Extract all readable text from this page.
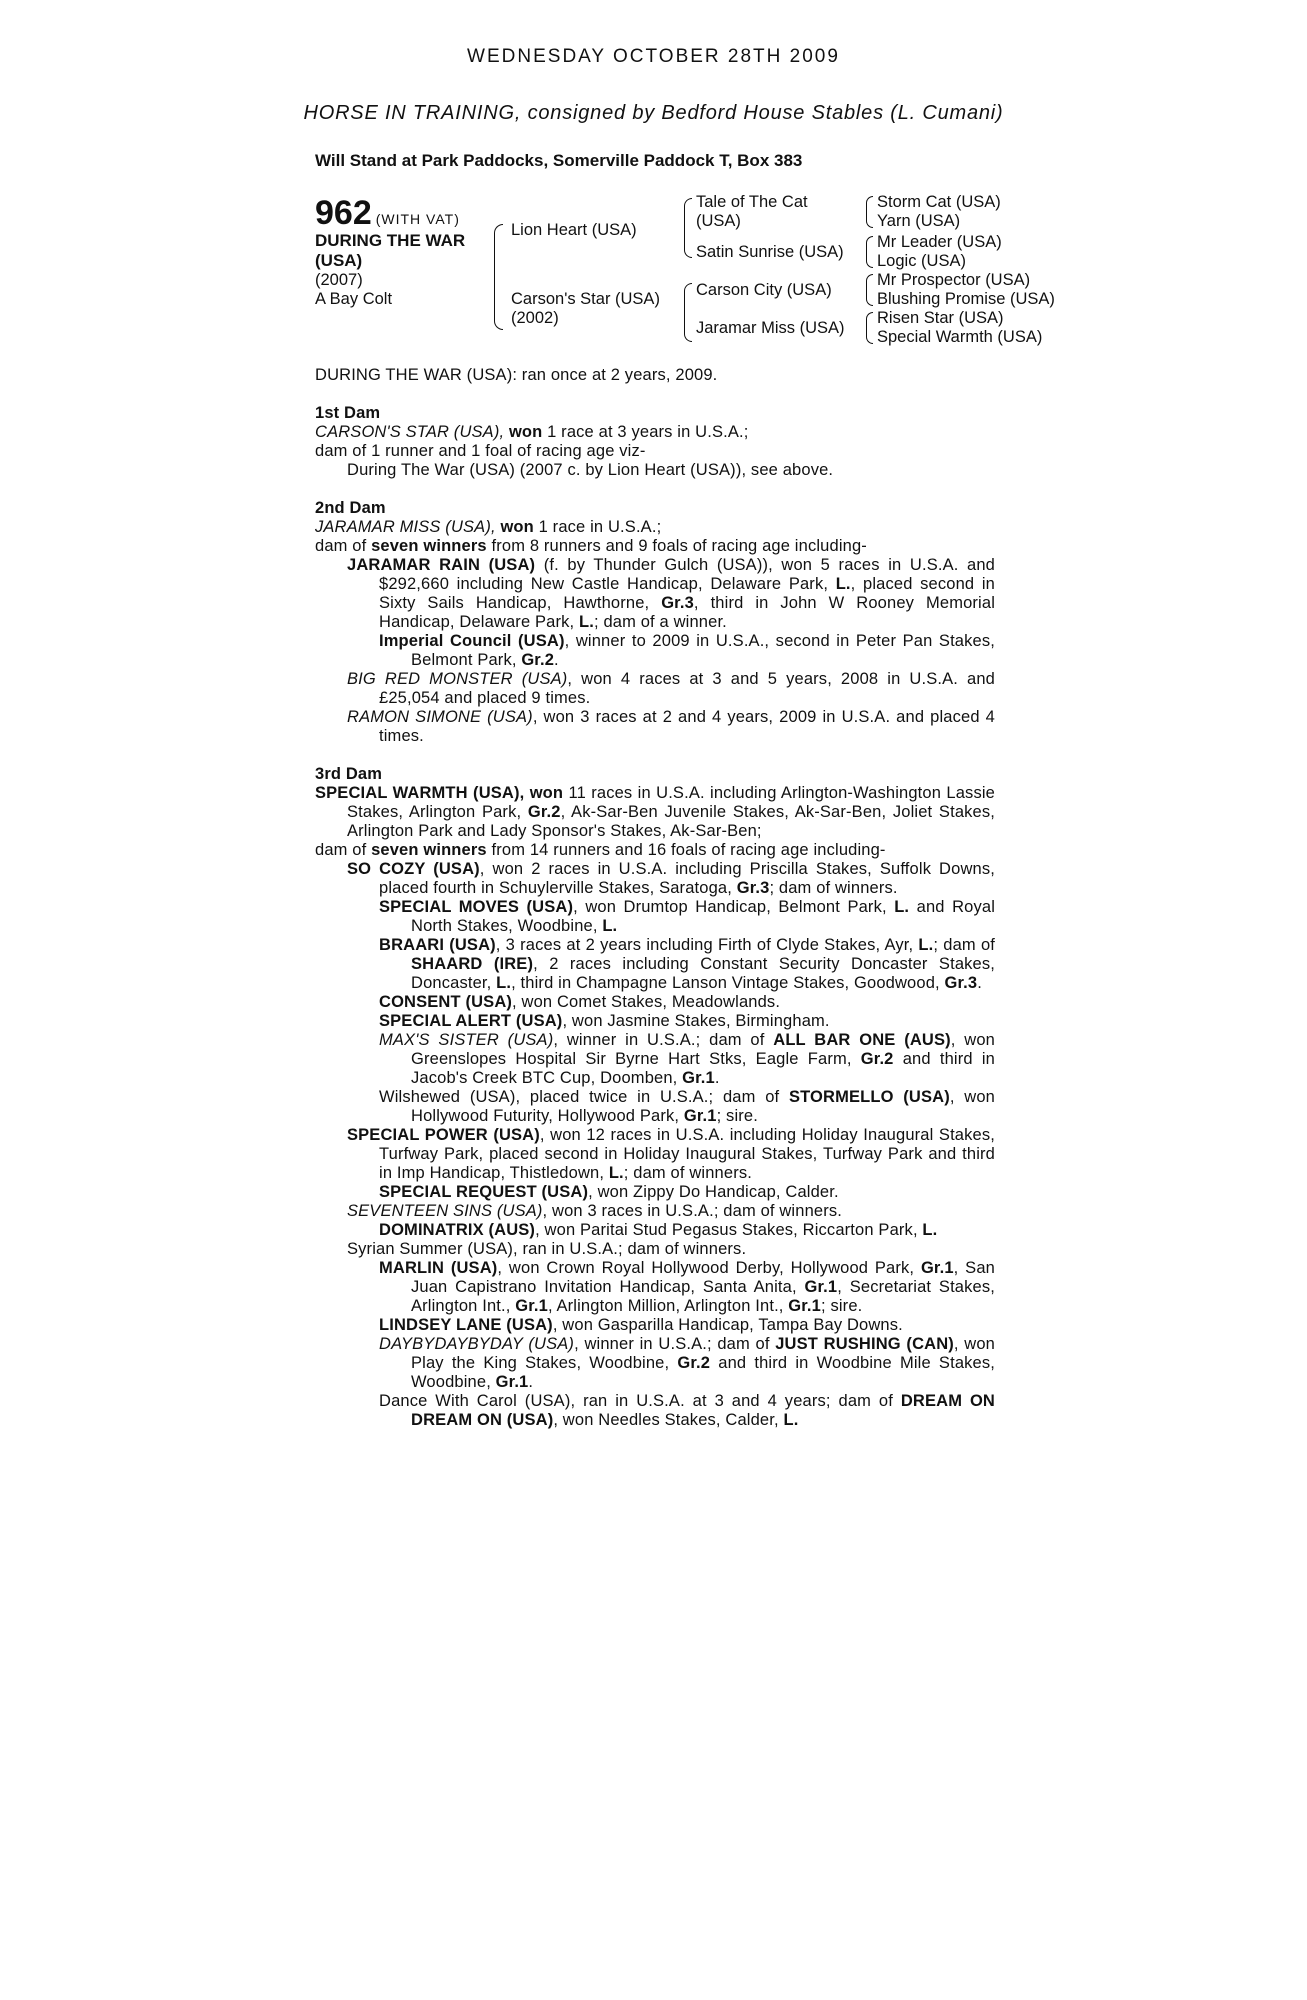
WEDNESDAY OCTOBER 28TH 2009
HORSE IN TRAINING, consigned by Bedford House Stables (L. Cumani)
Will Stand at Park Paddocks, Somerville Paddock T, Box 383
962 (WITH VAT)
DURING THE WAR
(USA)
(2007)
A Bay Colt
Lion Heart (USA)
Carson's Star (USA)
(2002)
Tale of The Cat
(USA)
Satin Sunrise (USA)
Carson City (USA)
Jaramar Miss (USA)
Storm Cat (USA)
Yarn (USA)
Mr Leader (USA)
Logic (USA)
Mr Prospector (USA)
Blushing Promise (USA)
Risen Star (USA)
Special Warmth (USA)

DURING THE WAR (USA): ran once at 2 years, 2009.

1st Dam

CARSON'S STAR (USA), won 1 race at 3 years in U.S.A.;

dam of 1 runner and 1 foal of racing age viz-

During The War (USA) (2007 c. by Lion Heart (USA)), see above.

2nd Dam

JARAMAR MISS (USA), won 1 race in U.S.A.;

dam of seven winners from 8 runners and 9 foals of racing age including-

JARAMAR RAIN (USA) (f. by Thunder Gulch (USA)), won 5 races in U.S.A. and $292,660 including New Castle Handicap, Delaware Park, L., placed second in Sixty Sails Handicap, Hawthorne, Gr.3, third in John W Rooney Memorial Handicap, Delaware Park, L.; dam of a winner.

Imperial Council (USA), winner to 2009 in U.S.A., second in Peter Pan Stakes, Belmont Park, Gr.2.

BIG RED MONSTER (USA), won 4 races at 3 and 5 years, 2008 in U.S.A. and £25,054 and placed 9 times.

RAMON SIMONE (USA), won 3 races at 2 and 4 years, 2009 in U.S.A. and placed 4 times.

3rd Dam

SPECIAL WARMTH (USA), won 11 races in U.S.A. including Arlington-Washington Lassie Stakes, Arlington Park, Gr.2, Ak-Sar-Ben Juvenile Stakes, Ak-Sar-Ben, Joliet Stakes, Arlington Park and Lady Sponsor's Stakes, Ak-Sar-Ben;

dam of seven winners from 14 runners and 16 foals of racing age including-

SO COZY (USA), won 2 races in U.S.A. including Priscilla Stakes, Suffolk Downs, placed fourth in Schuylerville Stakes, Saratoga, Gr.3; dam of winners.

SPECIAL MOVES (USA), won Drumtop Handicap, Belmont Park, L. and Royal North Stakes, Woodbine, L.

BRAARI (USA), 3 races at 2 years including Firth of Clyde Stakes, Ayr, L.; dam of SHAARD (IRE), 2 races including Constant Security Doncaster Stakes, Doncaster, L., third in Champagne Lanson Vintage Stakes, Goodwood, Gr.3.

CONSENT (USA), won Comet Stakes, Meadowlands.

SPECIAL ALERT (USA), won Jasmine Stakes, Birmingham.

MAX'S SISTER (USA), winner in U.S.A.; dam of ALL BAR ONE (AUS), won Greenslopes Hospital Sir Byrne Hart Stks, Eagle Farm, Gr.2 and third in Jacob's Creek BTC Cup, Doomben, Gr.1.

Wilshewed (USA), placed twice in U.S.A.; dam of STORMELLO (USA), won Hollywood Futurity, Hollywood Park, Gr.1; sire.

SPECIAL POWER (USA), won 12 races in U.S.A. including Holiday Inaugural Stakes, Turfway Park, placed second in Holiday Inaugural Stakes, Turfway Park and third in Imp Handicap, Thistledown, L.; dam of winners.

SPECIAL REQUEST (USA), won Zippy Do Handicap, Calder.

SEVENTEEN SINS (USA), won 3 races in U.S.A.; dam of winners.

DOMINATRIX (AUS), won Paritai Stud Pegasus Stakes, Riccarton Park, L.

Syrian Summer (USA), ran in U.S.A.; dam of winners.

MARLIN (USA), won Crown Royal Hollywood Derby, Hollywood Park, Gr.1, San Juan Capistrano Invitation Handicap, Santa Anita, Gr.1, Secretariat Stakes, Arlington Int., Gr.1, Arlington Million, Arlington Int., Gr.1; sire.

LINDSEY LANE (USA), won Gasparilla Handicap, Tampa Bay Downs.

DAYBYDAYBYDAY (USA), winner in U.S.A.; dam of JUST RUSHING (CAN), won Play the King Stakes, Woodbine, Gr.2 and third in Woodbine Mile Stakes, Woodbine, Gr.1.

Dance With Carol (USA), ran in U.S.A. at 3 and 4 years; dam of DREAM ON DREAM ON (USA), won Needles Stakes, Calder, L.
